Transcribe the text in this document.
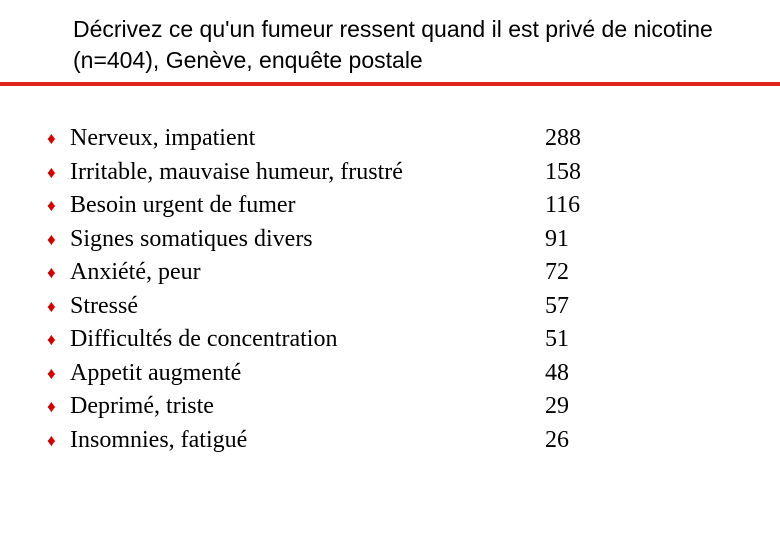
Décrivez ce qu'un fumeur ressent quand il est privé de nicotine (n=404), Genève, enquête postale
♦ Nerveux, impatient	288
♦ Irritable, mauvaise humeur, frustré	158
♦ Besoin urgent de fumer	116
♦ Signes somatiques divers	91
♦ Anxiété, peur	72
♦ Stressé	57
♦ Difficultés de concentration	51
♦ Appetit augmenté	48
♦ Deprimé, triste	29
♦ Insomnies, fatigué	26
